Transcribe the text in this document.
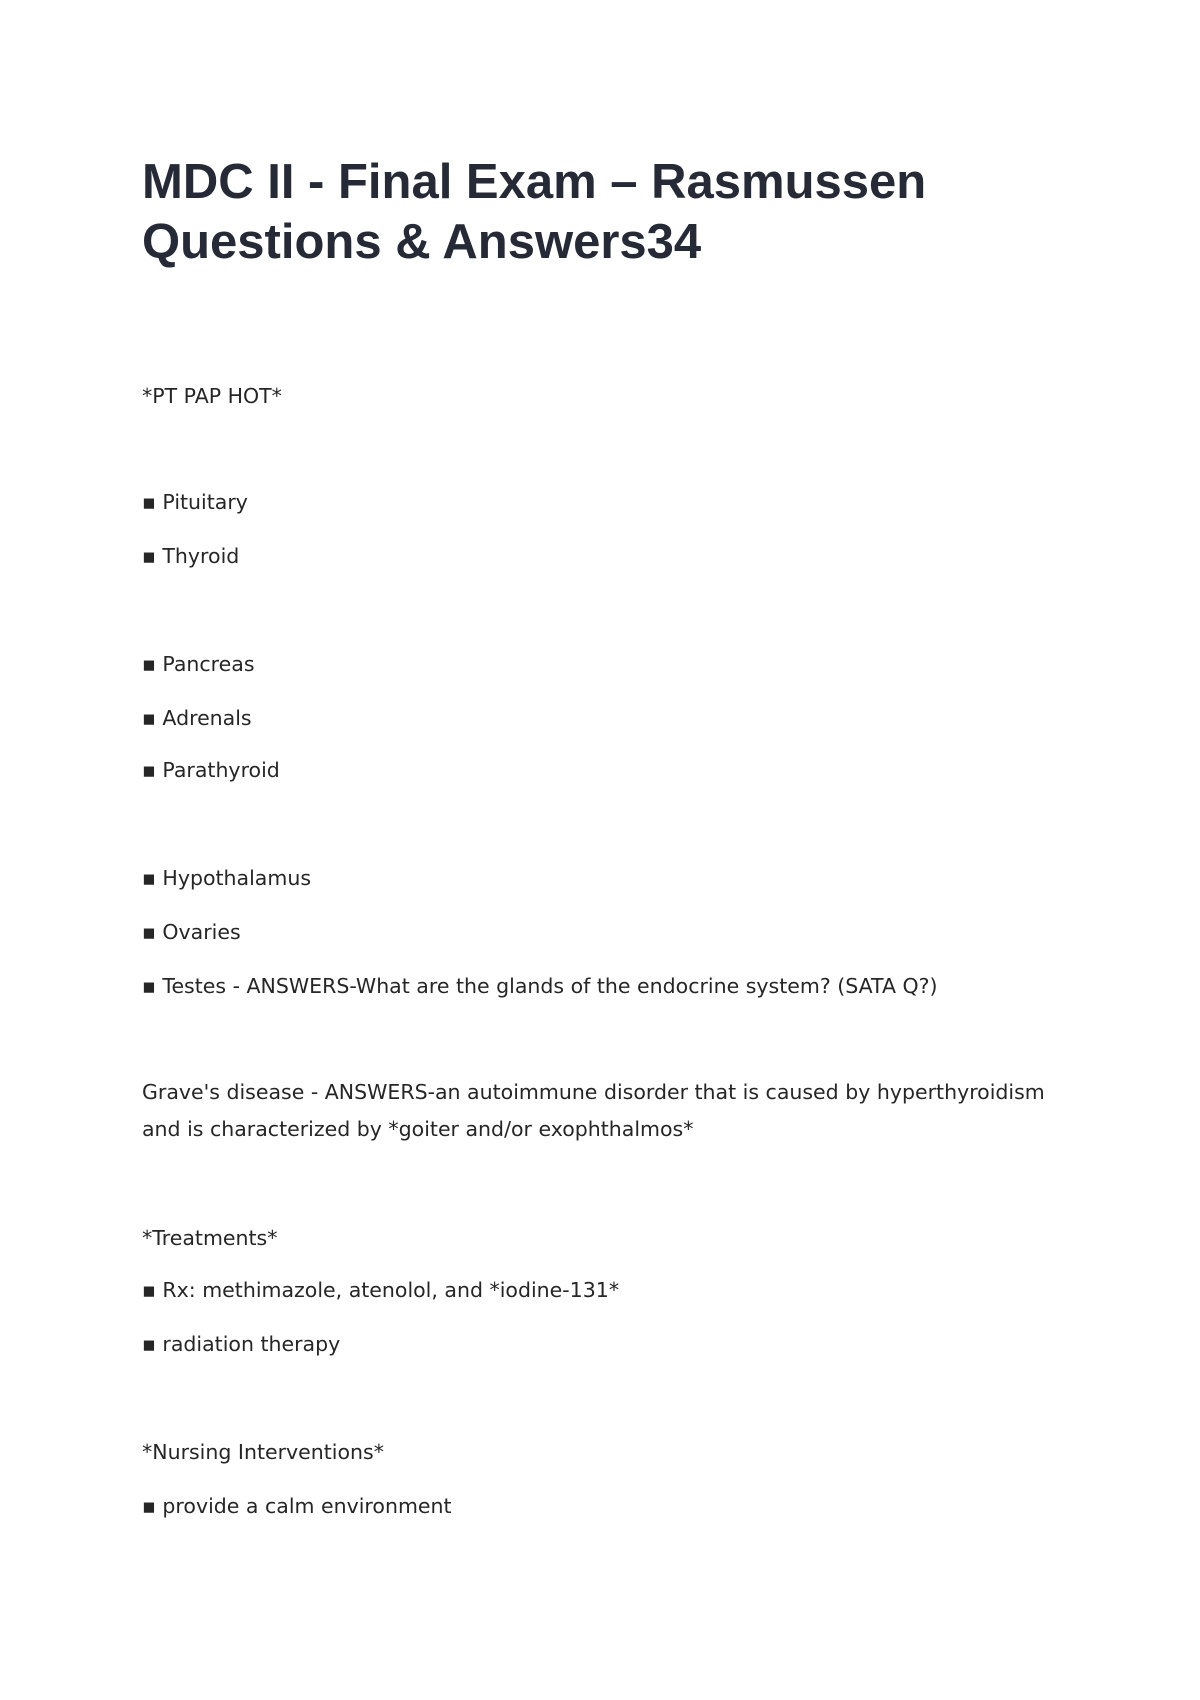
MDC II - Final Exam – Rasmussen
Questions & Answers34

*PT PAP HOT*

▪ Pituitary

▪ Thyroid

▪ Pancreas

▪ Adrenals

▪ Parathyroid

▪ Hypothalamus

▪ Ovaries

▪ Testes - ANSWERS-What are the glands of the endocrine system? (SATA Q?)

Grave's disease - ANSWERS-an autoimmune disorder that is caused by hyperthyroidism and is characterized by *goiter and/or exophthalmos*

*Treatments*

▪ Rx: methimazole, atenolol, and *iodine-131*

▪ radiation therapy

*Nursing Interventions*

▪ provide a calm environment
